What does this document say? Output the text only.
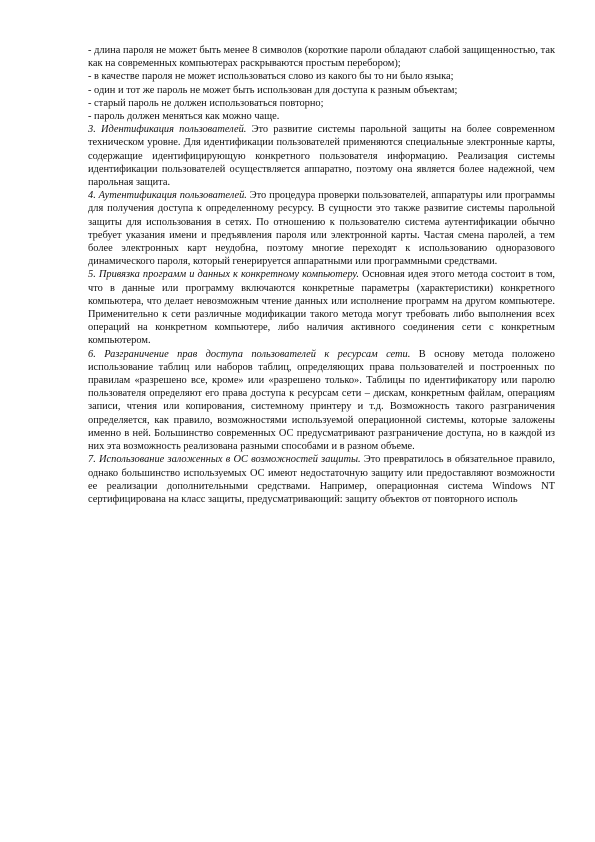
- длина пароля не может быть менее 8 символов (короткие пароли обладают слабой защищенностью, так как на современных компьютерах раскрываются простым перебором);

- в качестве пароля не может использоваться слово из какого бы то ни было языка;

- один и тот же пароль не может быть использован для доступа к разным объектам;

- старый пароль не должен использоваться повторно;

- пароль должен меняться как можно чаще.

3. Идентификация пользователей. Это развитие системы парольной защиты на более современном техническом уровне. Для идентификации пользователей применяются специальные электронные карты, содержащие идентифицирующую конкретного пользователя информацию. Реализация системы идентификации пользователей осуществляется аппаратно, поэтому она является более надежной, чем парольная защита.

4. Аутентификация пользователей. Это процедура проверки пользователей, аппаратуры или программы для получения доступа к определенному ресурсу. В сущности это также развитие системы парольной защиты для использования в сетях. По отношению к пользователю система аутентификации обычно требует указания имени и предъявления пароля или электронной карты. Частая смена паролей, а тем более электронных карт неудобна, поэтому многие переходят к использованию одноразового динамического пароля, который генерируется аппаратными или программными средствами.

5. Привязка программ и данных к конкретному компьютеру. Основная идея этого метода состоит в том, что в данные или программу включаются конкретные параметры (характеристики) конкретного компьютера, что делает невозможным чтение данных или исполнение программ на другом компьютере. Применительно к сети различные модификации такого метода могут требовать либо выполнения всех операций на конкретном компьютере, либо наличия активного соединения сети с конкретным компьютером.

6. Разграничение прав доступа пользователей к ресурсам сети. В основу метода положено использование таблиц или наборов таблиц, определяющих права пользователей и построенных по правилам «разрешено все, кроме» или «разрешено только». Таблицы по идентификатору или паролю пользователя определяют его права доступа к ресурсам сети – дискам, конкретным файлам, операциям записи, чтения или копирования, системному принтеру и т.д. Возможность такого разграничения определяется, как правило, возможностями используемой операционной системы, которые заложены именно в ней. Большинство современных ОС предусматривают разграничение доступа, но в каждой из них эта возможность реализована разными способами и в разном объеме.

7. Использование заложенных в ОС возможностей защиты. Это превратилось в обязательное правило, однако большинство используемых ОС имеют недостаточную защиту или предоставляют возможности ее реализации дополнительными средствами. Например, операционная система Windows NT сертифицирована на класс защиты, предусматривающий: защиту объектов от повторного исполь
